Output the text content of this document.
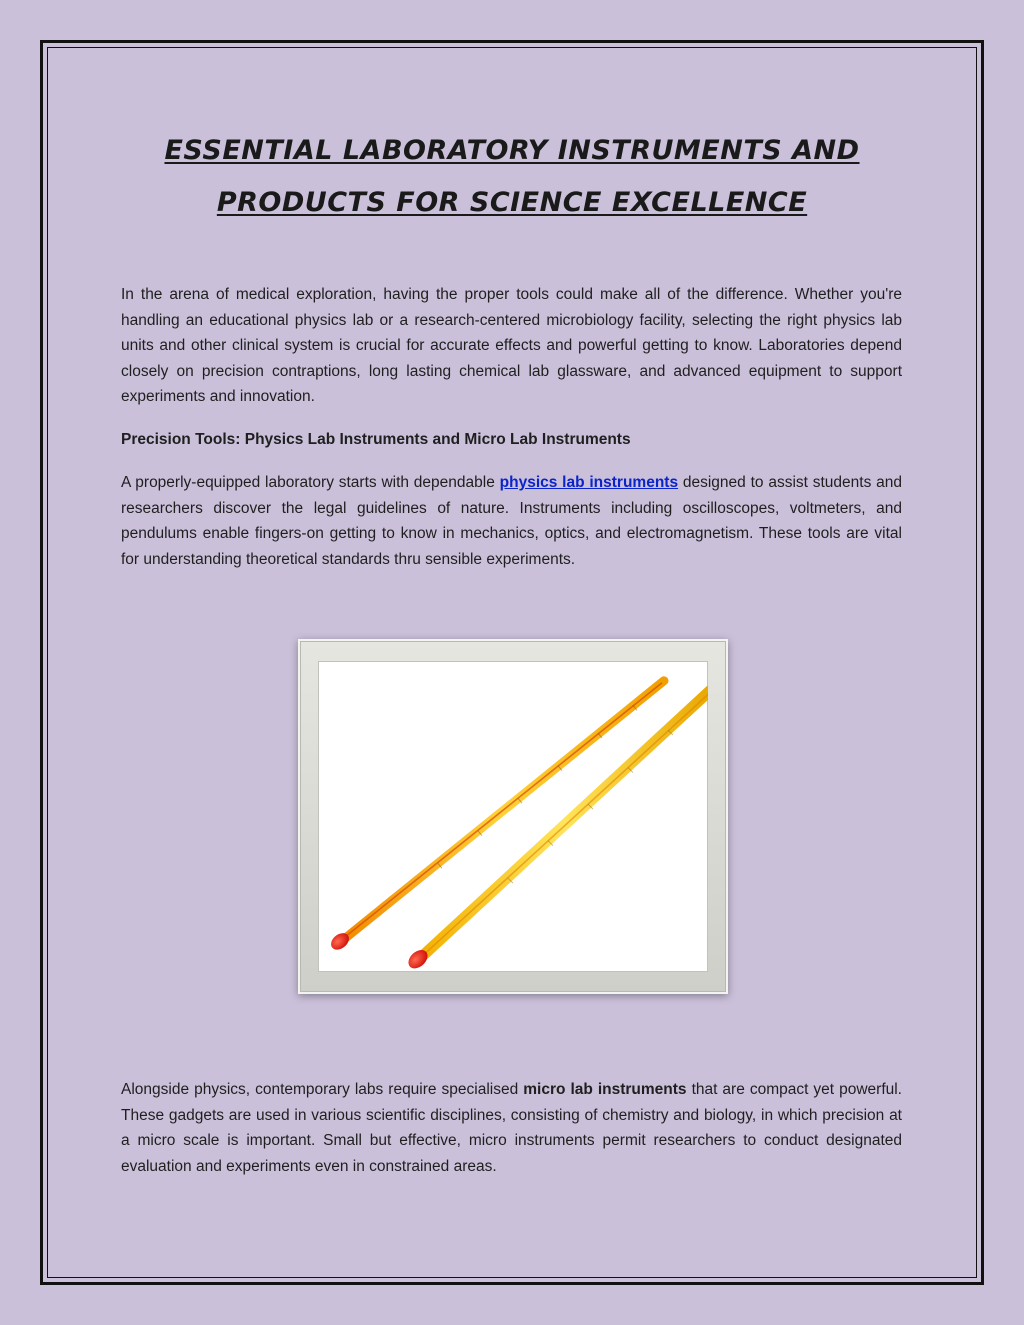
ESSENTIAL LABORATORY INSTRUMENTS AND
PRODUCTS FOR SCIENCE EXCELLENCE

In the arena of medical exploration, having the proper tools could make all of the difference. Whether you're handling an educational physics lab or a research-centered microbiology facility, selecting the right physics lab units and other clinical system is crucial for accurate effects and powerful getting to know. Laboratories depend closely on precision contraptions, long lasting chemical lab glassware, and advanced equipment to support experiments and innovation.

Precision Tools: Physics Lab Instruments and Micro Lab Instruments

A properly-equipped laboratory starts with dependable physics lab instruments designed to assist students and researchers discover the legal guidelines of nature. Instruments including oscilloscopes, voltmeters, and pendulums enable fingers-on getting to know in mechanics, optics, and electromagnetism. These tools are vital for understanding theoretical standards thru sensible experiments.

Alongside physics, contemporary labs require specialised micro lab instruments that are compact yet powerful. These gadgets are used in various scientific disciplines, consisting of chemistry and biology, in which precision at a micro scale is important. Small but effective, micro instruments permit researchers to conduct designated evaluation and experiments even in constrained areas.
